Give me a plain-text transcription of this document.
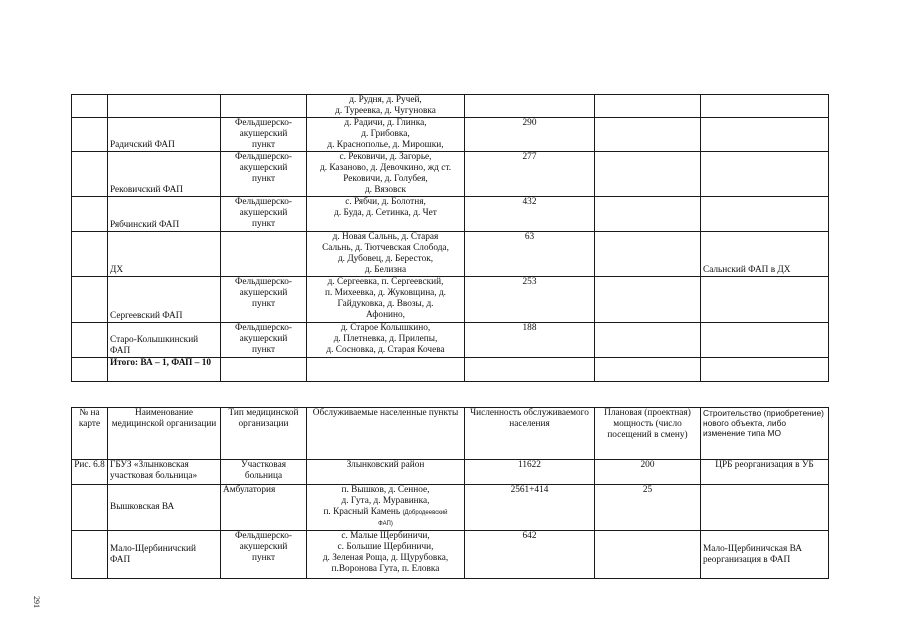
			д. Рудня, д. Ручей,
д. Туреевка, д. Чугуновка			

	Радичский ФАП	Фельдшерско-
акушерский
пункт	д. Радичи, д. Глинка,
д. Грибовка,
д. Краснополье, д. Мирошки,	290		
	Рековичский ФАП	Фельдшерско-
акушерский
пункт	с. Рековичи, д. Загорье,
д. Казаново, д. Девочкино, жд ст.
Рековичи, д. Голубея,
д. Вязовск	277		
	Рябчинский ФАП	Фельдшерско-
акушерский
пункт	с. Рябчи, д. Болотня,
д. Буда, д. Сетинка, д. Чет	432		
	ДХ		д. Новая Сальнь, д. Старая
Сальнь, д. Тютчевская Слобода,
д. Дубовец, д. Бересток,
д. Белизна	63		Сальнский ФАП в ДХ
	Сергеевский ФАП	Фельдшерско-
акушерский
пункт	д. Сергеевка, п. Сергеевский,
п. Михеевка, д. Жуковщина, д.
Гайдуковка, д. Ввозы, д.
Афонино,	253		
	Старо-Колышкинский ФАП	Фельдшерско-
акушерский
пункт	д. Старое Колышкино,
д. Плетневка, д. Прилепы,
д. Сосновка, д. Старая Кочева	188		
	Итого: ВА – 1, ФАП – 10					
№ на карте	Наименование медицинской организации	Тип медицинской организации	Обслуживаемые населенные пункты	Численность обслуживаемого населения	Плановая (проектная) мощность (число посещений в смену)	Строительство (приобретение) нового объекта, либо изменение типа МО
Рис. 6.8	ГБУЗ «Злынковская участковая больница»	Участковая больница	Злынковский район	11622	200	ЦРБ реорганизация в УБ
	Вышковская ВА	Амбулатория	п. Вышков, д. Сенное,
д. Гута, д. Муравинка,
п. Красный Камень (Добродеевский
ФАП)	2561+414	25	
	Мало-Щербиничский ФАП	Фельдшерско-
акушерский
пункт	с. Малые Щербиничи,
с. Большие Щербиничи,
д. Зеленая Роща, д. Щурубовка,
п.Воронова Гута, п. Еловка	642		Мало-Щербиничская ВА реорганизация в ФАП
291
